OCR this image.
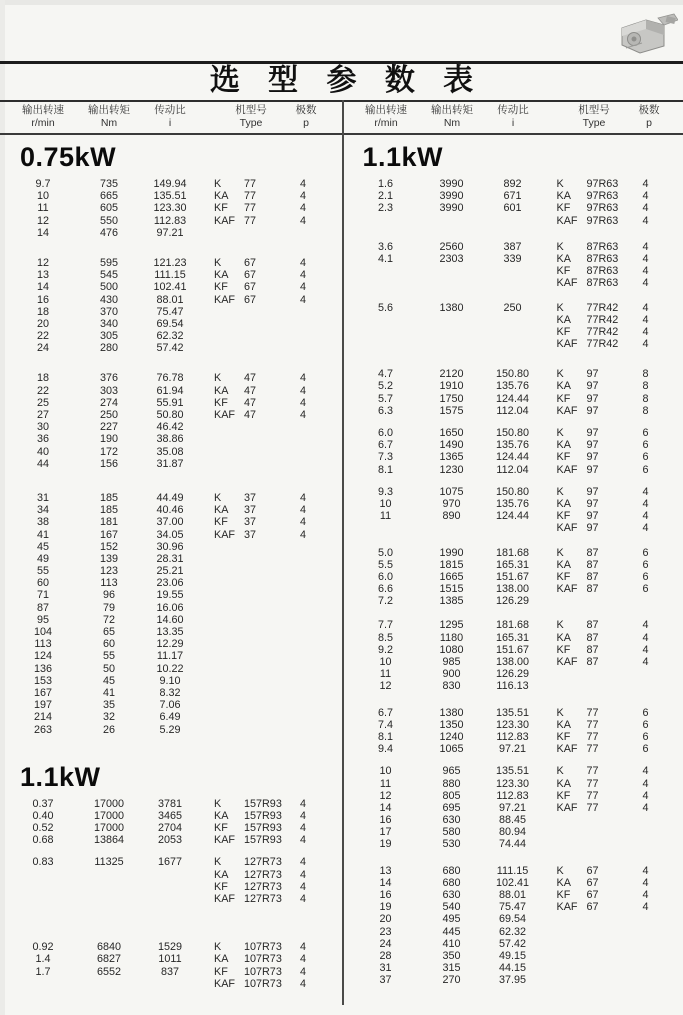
选 型 参 数 表
输出转速
r/min
输出转矩
Nm
传动比
i
机型号
Type
极数
p
输出转速
r/min
输出转矩
Nm
传动比
i
机型号
Type
极数
p
0.75kW
9.7	735	149.94	K	77	4
10	665	135.51	KA	77	4
11	605	123.30	KF	77	4
12	550	112.83	KAF 77	4
14	476	97.21
12	595	121.23	K	67	4
13	545	111.15	KA	67	4
14	500	102.41	KF	67	4
16	430	88.01	KAF 67	4
18	370	75.47
20	340	69.54
22	305	62.32
24	280	57.42
18	376	76.78	K	47	4
22	303	61.94	KA	47	4
25	274	55.91	KF	47	4
27	250	50.80	KAF 47	4
30	227	46.42
36	190	38.86
40	172	35.08
44	156	31.87
31	185	44.49	K	37	4
34	185	40.46	KA	37	4
38	181	37.00	KF	37	4
41	167	34.05	KAF 37	4
45	152	30.96
49	139	28.31
55	123	25.21
60	113	23.06
71	96	19.55
87	79	16.06
95	72	14.60
104	65	13.35
113	60	12.29
124	55	11.17
136	50	10.22
153	45	9.10
167	41	8.32
197	35	7.06
214	32	6.49
263	26	5.29
1.1kW
0.37	17000	3781	K	157R93	4
0.40	17000	3465	KA	157R93	4
0.52	17000	2704	KF	157R93	4
0.68	13864	2053	KAF 157R93	4
0.83	11325	1677	K	127R73	4
KA	127R73	4
KF	127R73	4
KAF 127R73	4
0.92	6840	1529	K	107R73	4
1.4	6827	1011	KA	107R73	4
1.7	6552	837	KF	107R73	4
KAF 107R73	4
1.1kW
1.6	3990	892	K	97R63	4
2.1	3990	671	KA	97R63	4
2.3	3990	601	KF	97R63	4
KAF 97R63	4
3.6	2560	387	K	87R63	4
4.1	2303	339	KA	87R63	4
KF	87R63	4
KAF 87R63	4
5.6	1380	250	K	77R42	4
KA	77R42	4
KF	77R42	4
KAF 77R42	4
4.7	2120	150.80	K	97	8
5.2	1910	135.76	KA	97	8
5.7	1750	124.44	KF	97	8
6.3	1575	112.04	KAF 97	8
6.0	1650	150.80	K	97	6
6.7	1490	135.76	KA	97	6
7.3	1365	124.44	KF	97	6
8.1	1230	112.04	KAF 97	6
9.3	1075	150.80	K	97	4
10	970	135.76	KA	97	4
11	890	124.44	KF	97	4
KAF 97	4
5.0	1990	181.68	K	87	6
5.5	1815	165.31	KA	87	6
6.0	1665	151.67	KF	87	6
6.6	1515	138.00	KAF 87	6
7.2	1385	126.29
7.7	1295	181.68	K	87	4
8.5	1180	165.31	KA	87	4
9.2	1080	151.67	KF	87	4
10	985	138.00	KAF 87	4
11	900	126.29
12	830	116.13
6.7	1380	135.51	K	77	6
7.4	1350	123.30	KA	77	6
8.1	1240	112.83	KF	77	6
9.4	1065	97.21	KAF 77	6
10	965	135.51	K	77	4
11	880	123.30	KA	77	4
12	805	112.83	KF	77	4
14	695	97.21	KAF 77	4
16	630	88.45
17	580	80.94
19	530	74.44
13	680	111.15	K	67	4
14	680	102.41	KA	67	4
16	630	88.01	KF	67	4
19	540	75.47	KAF 67	4
20	495	69.54
23	445	62.32
24	410	57.42
28	350	49.15
31	315	44.15
37	270	37.95
